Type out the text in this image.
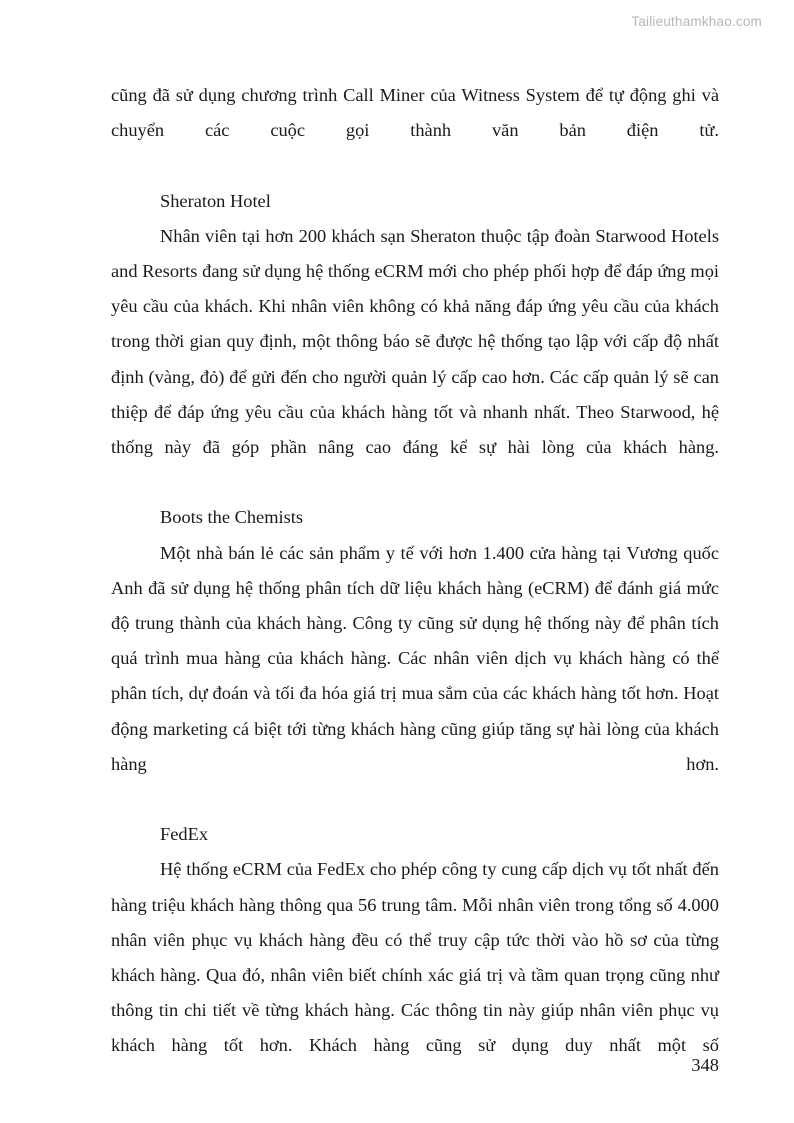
Tailieuthamkhao.com

cũng đã sử dụng chương trình Call Miner của Witness System để tự động ghi và chuyển các cuộc gọi thành văn bản điện tử.

Sheraton Hotel

Nhân viên tại hơn 200 khách sạn Sheraton thuộc tập đoàn Starwood Hotels and Resorts đang sử dụng hệ thống eCRM mới cho phép phối hợp để đáp ứng mọi yêu cầu của khách. Khi nhân viên không có khả năng đáp ứng yêu cầu của khách trong thời gian quy định, một thông báo sẽ được hệ thống tạo lập với cấp độ nhất định (vàng, đỏ) để gửi đến cho người quản lý cấp cao hơn. Các cấp quản lý sẽ can thiệp để đáp ứng yêu cầu của khách hàng tốt và nhanh nhất. Theo Starwood, hệ thống này đã góp phần nâng cao đáng kể sự hài lòng của khách hàng.

Boots the Chemists

Một nhà bán lẻ các sản phẩm y tế với hơn 1.400 cửa hàng tại Vương quốc Anh đã sử dụng hệ thống phân tích dữ liệu khách hàng (eCRM) để đánh giá mức độ trung thành của khách hàng. Công ty cũng sử dụng hệ thống này để phân tích quá trình mua hàng của khách hàng. Các nhân viên dịch vụ khách hàng có thể phân tích, dự đoán và tối đa hóa giá trị mua sắm của các khách hàng tốt hơn. Hoạt động marketing cá biệt tới từng khách hàng cũng giúp tăng sự hài lòng của khách hàng hơn.

FedEx

Hệ thống eCRM của FedEx cho phép công ty cung cấp dịch vụ tốt nhất đến hàng triệu khách hàng thông qua 56 trung tâm. Mỗi nhân viên trong tổng số 4.000 nhân viên phục vụ khách hàng đều có thể truy cập tức thời vào hồ sơ của từng khách hàng. Qua đó, nhân viên biết chính xác giá trị và tầm quan trọng cũng như thông tin chi tiết về từng khách hàng. Các thông tin này giúp nhân viên phục vụ khách hàng tốt hơn. Khách hàng cũng sử dụng duy nhất một số

348
